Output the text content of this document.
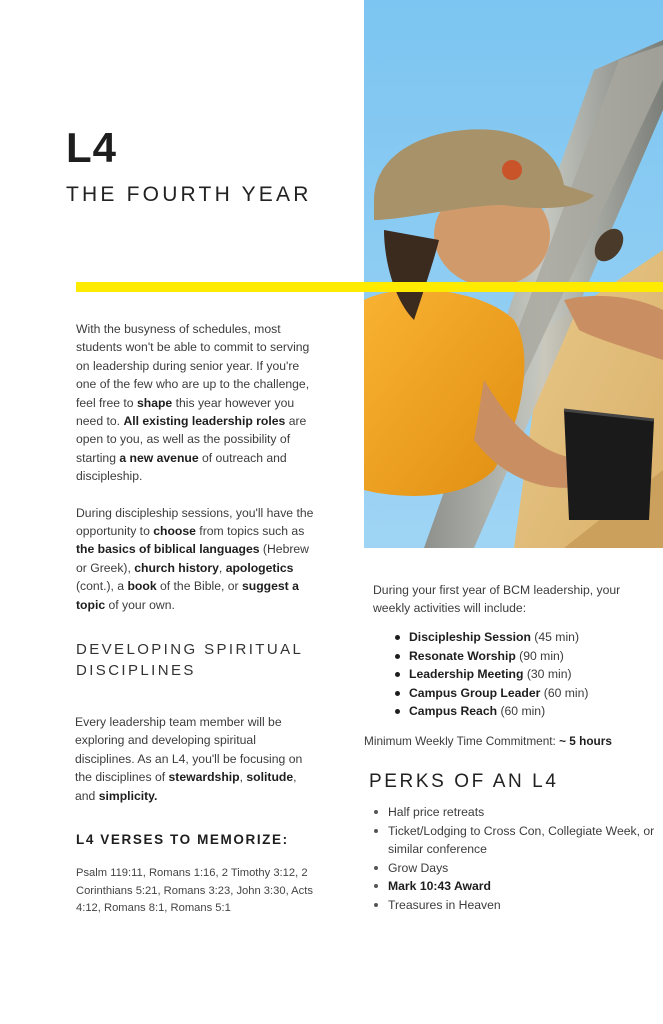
L4
THE FOURTH YEAR

With the busyness of schedules, most students won't be able to commit to serving on leadership during senior year. If you're one of the few who are up to the challenge, feel free to shape this year however you need to. All existing leadership roles are open to you, as well as the possibility of starting a new avenue of outreach and discipleship.

During discipleship sessions, you'll have the opportunity to choose from topics such as the basics of biblical languages (Hebrew or Greek), church history, apologetics (cont.), a book of the Bible, or suggest a topic of your own.

DEVELOPING SPIRITUAL DISCIPLINES
Every leadership team member will be exploring and developing spiritual disciplines. As an L4, you'll be focusing on the disciplines of stewardship, solitude, and simplicity.
L4 VERSES TO MEMORIZE:
Psalm 119:11, Romans 1:16, 2 Timothy 3:12, 2 Corinthians 5:21, Romans 3:23, John 3:30, Acts 4:12, Romans 8:1, Romans 5:1
During your first year of BCM leadership, your weekly activities will include:
Discipleship Session (45 min)
Resonate Worship (90 min)
Leadership Meeting (30 min)
Campus Group Leader (60 min)
Campus Reach (60 min)
Minimum Weekly Time Commitment: ~ 5 hours
PERKS OF AN L4
Half price retreats
Ticket/Lodging to Cross Con, Collegiate Week, or similar conference
Grow Days
Mark 10:43 Award
Treasures in Heaven
